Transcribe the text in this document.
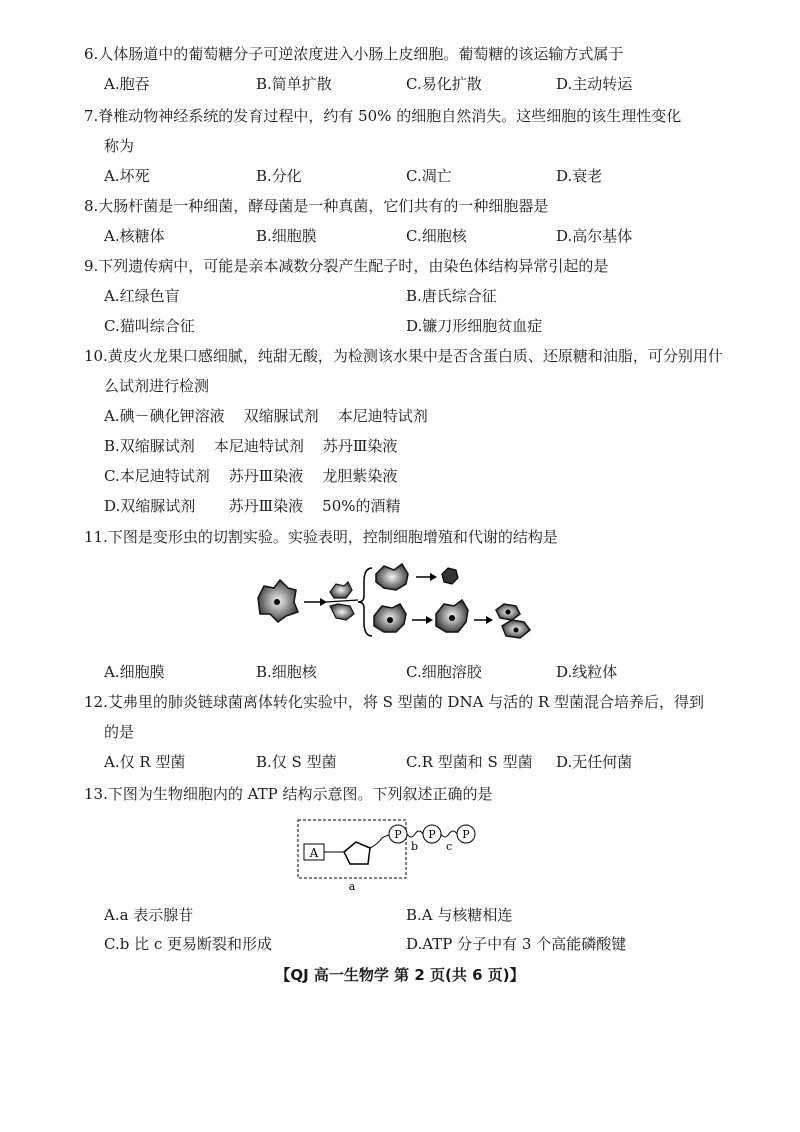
6.人体肠道中的葡萄糖分子可逆浓度进入小肠上皮细胞。葡萄糖的该运输方式属于
A.胞吞	B.简单扩散	C.易化扩散	D.主动转运
7.脊椎动物神经系统的发育过程中，约有 50% 的细胞自然消失。这些细胞的该生理性变化
称为
A.坏死	B.分化	C.凋亡	D.衰老
8.大肠杆菌是一种细菌，酵母菌是一种真菌，它们共有的一种细胞器是
A.核糖体	B.细胞膜	C.细胞核	D.高尔基体
9.下列遗传病中，可能是亲本减数分裂产生配子时，由染色体结构异常引起的是
A.红绿色盲	B.唐氏综合征
C.猫叫综合征	D.镰刀形细胞贫血症
10.黄皮火龙果口感细腻，纯甜无酸，为检测该水果中是否含蛋白质、还原糖和油脂，可分别用什
么试剂进行检测
A.碘－碘化钾溶液    双缩脲试剂    本尼迪特试剂
B.双缩脲试剂    本尼迪特试剂    苏丹Ⅲ染液
C.本尼迪特试剂    苏丹Ⅲ染液    龙胆紫染液
D.双缩脲试剂       苏丹Ⅲ染液    50%的酒精
11.下图是变形虫的切割实验。实验表明，控制细胞增殖和代谢的结构是
A.细胞膜	B.细胞核	C.细胞溶胶	D.线粒体
12.艾弗里的肺炎链球菌离体转化实验中，将 S 型菌的 DNA 与活的 R 型菌混合培养后，得到
的是
A.仅 R 型菌	B.仅 S 型菌	C.R 型菌和 S 型菌 D.无任何菌
13.下图为生物细胞内的 ATP 结构示意图。下列叙述正确的是
A
P
b
P
c
P
a
A.a 表示腺苷	B.A 与核糖相连
C.b 比 c 更易断裂和形成	D.ATP 分子中有 3 个高能磷酸键
【QJ 高一生物学 第 2 页(共 6 页)】
